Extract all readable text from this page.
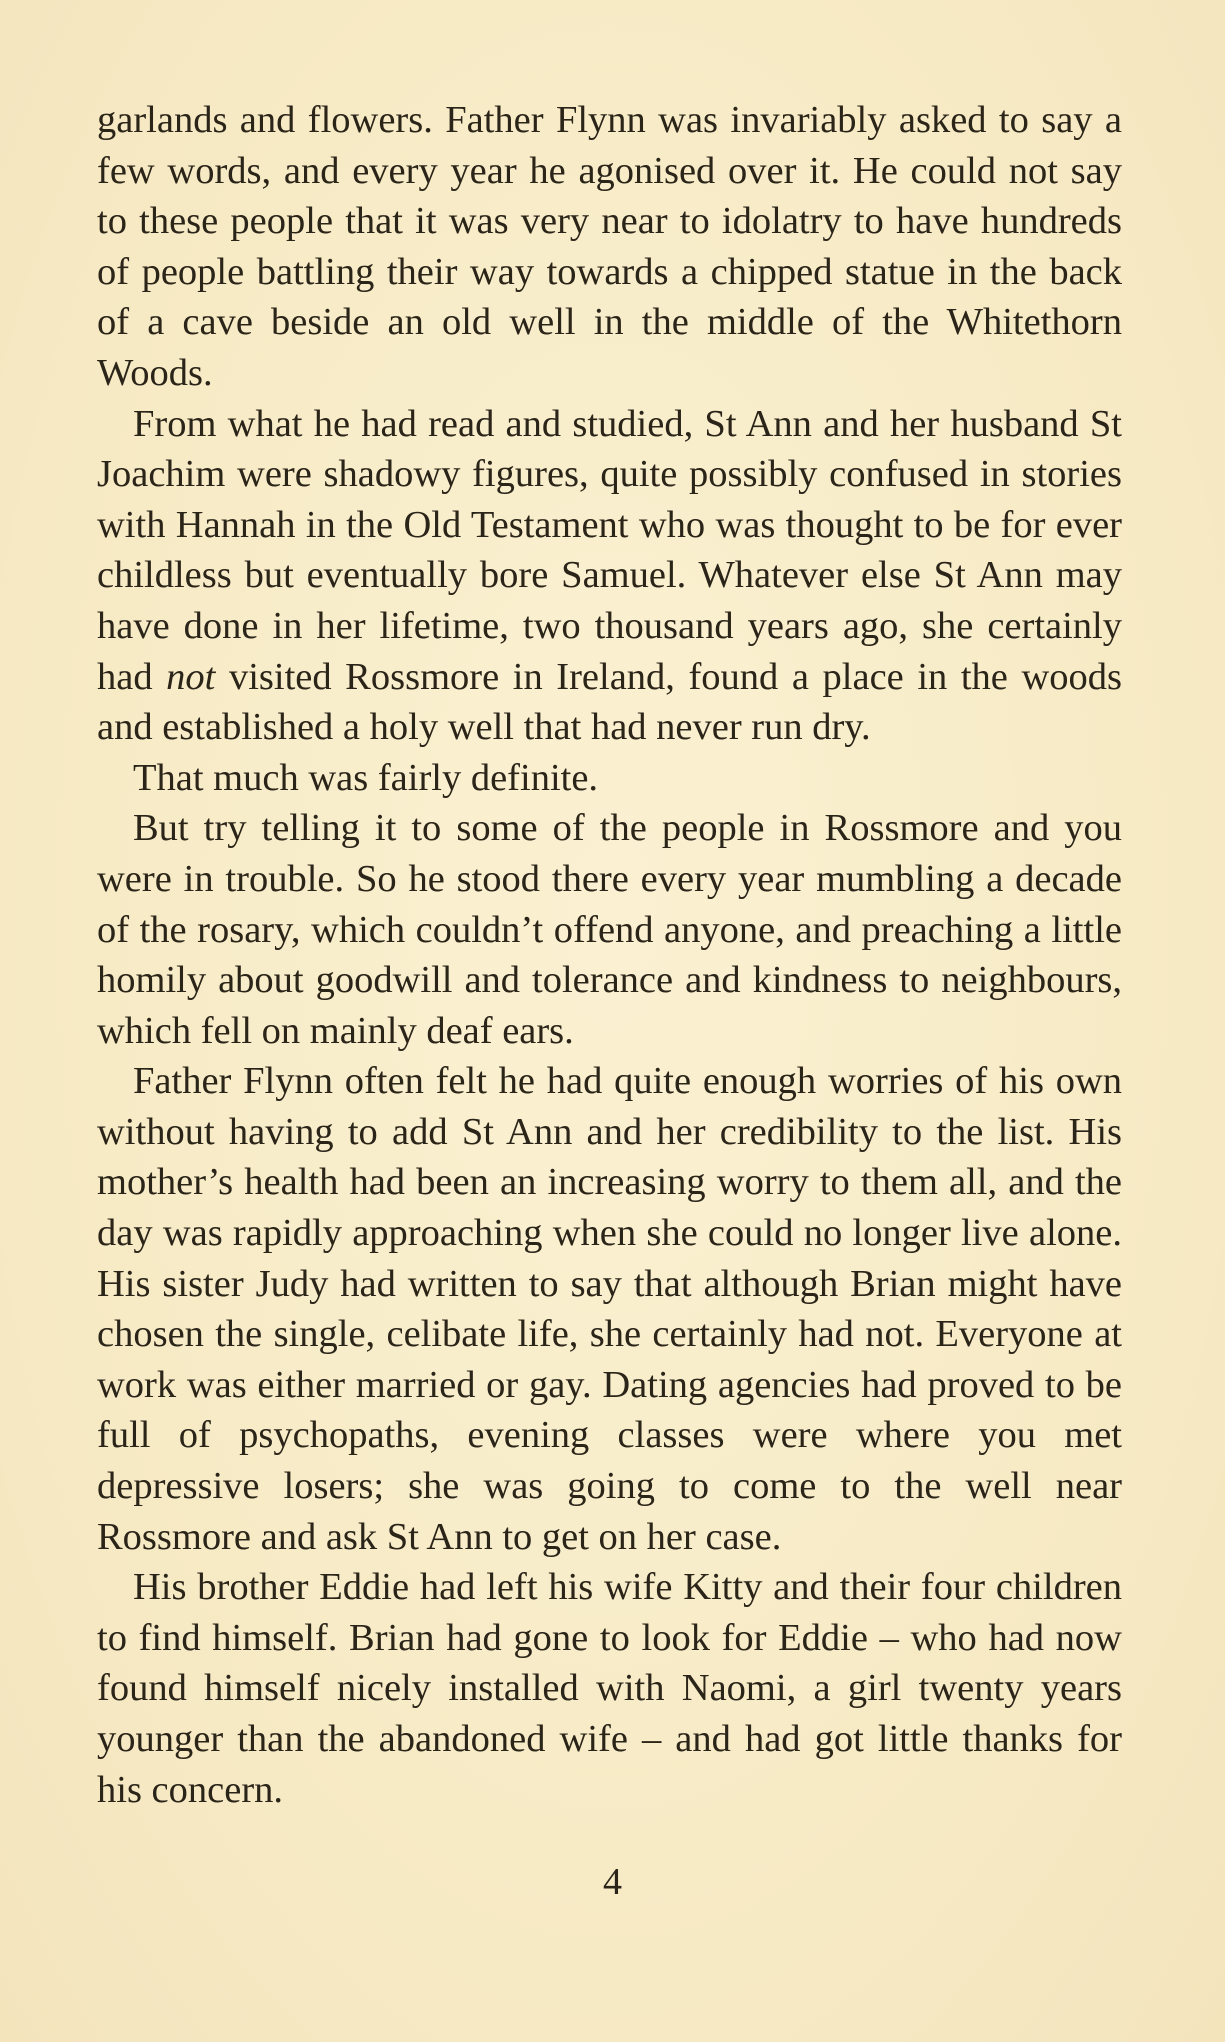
garlands and flowers. Father Flynn was invariably asked to say a few words, and every year he agonised over it. He could not say to these people that it was very near to idolatry to have hundreds of people battling their way towards a chipped statue in the back of a cave beside an old well in the middle of the Whitethorn Woods.

From what he had read and studied, St Ann and her husband St Joachim were shadowy figures, quite possibly confused in stories with Hannah in the Old Testament who was thought to be for ever childless but eventually bore Samuel. Whatever else St Ann may have done in her lifetime, two thousand years ago, she certainly had not visited Rossmore in Ireland, found a place in the woods and established a holy well that had never run dry.

That much was fairly definite.

But try telling it to some of the people in Rossmore and you were in trouble. So he stood there every year mumbling a decade of the rosary, which couldn’t offend anyone, and preaching a little homily about goodwill and tolerance and kindness to neighbours, which fell on mainly deaf ears.

Father Flynn often felt he had quite enough worries of his own without having to add St Ann and her credibility to the list. His mother’s health had been an increasing worry to them all, and the day was rapidly approaching when she could no longer live alone. His sister Judy had written to say that although Brian might have chosen the single, celibate life, she certainly had not. Everyone at work was either married or gay. Dating agencies had proved to be full of psychopaths, evening classes were where you met depressive losers; she was going to come to the well near Rossmore and ask St Ann to get on her case.

His brother Eddie had left his wife Kitty and their four children to find himself. Brian had gone to look for Eddie – who had now found himself nicely installed with Naomi, a girl twenty years younger than the abandoned wife – and had got little thanks for his concern.

4
